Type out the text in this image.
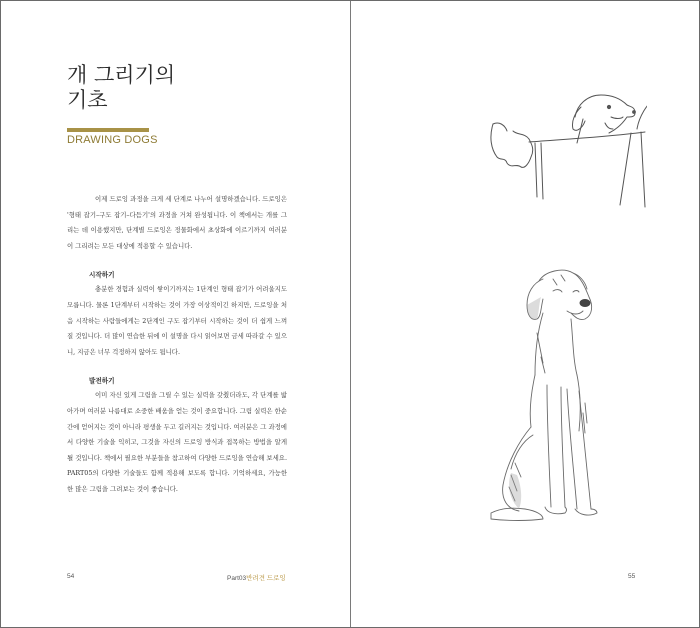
개 그리기의
기초
DRAWING DOGS

이제 드로잉 과정을 크게 세 단계로 나누어 설명하겠습니다. 드로잉은 '형태 잡기–구도 잡기–다듬기'의 과정을 거쳐 완성됩니다. 이 책에서는 개를 그리는 데 이용했지만, 단계별 드로잉은 정물화에서 초상화에 이르기까지 여러분이 그리려는 모든 대상에 적용할 수 있습니다.

시작하기

충분한 경험과 실력이 쌓이기까지는 1단계인 형태 잡기가 어려울지도 모릅니다. 물론 1단계부터 시작하는 것이 가장 이상적이긴 하지만, 드로잉을 처음 시작하는 사람들에게는 2단계인 구도 잡기부터 시작하는 것이 더 쉽게 느껴질 것입니다. 더 많이 연습한 뒤에 이 설명을 다시 읽어보면 금세 따라갈 수 있으니, 지금은 너무 걱정하지 않아도 됩니다.

발전하기

이미 자신 있게 그림을 그릴 수 있는 실력을 갖췄더라도, 각 단계를 밟아가며 여러분 나름대로 소중한 배움을 얻는 것이 중요합니다. 그림 실력은 한순간에 얻어지는 것이 아니라 평생을 두고 길러지는 것입니다. 여러분은 그 과정에서 다양한 기술을 익히고, 그것을 자신의 드로잉 방식과 접목하는 방법을 알게 될 것입니다. 책에서 필요한 부분들을 참고하여 다양한 드로잉을 연습해 보세요. PART05의 다양한 기술들도 함께 적용해 보도록 합니다. 기억하세요, 가능한 한 많은 그림을 그려보는 것이 좋습니다.

54	Part03반려견 드로잉	55
